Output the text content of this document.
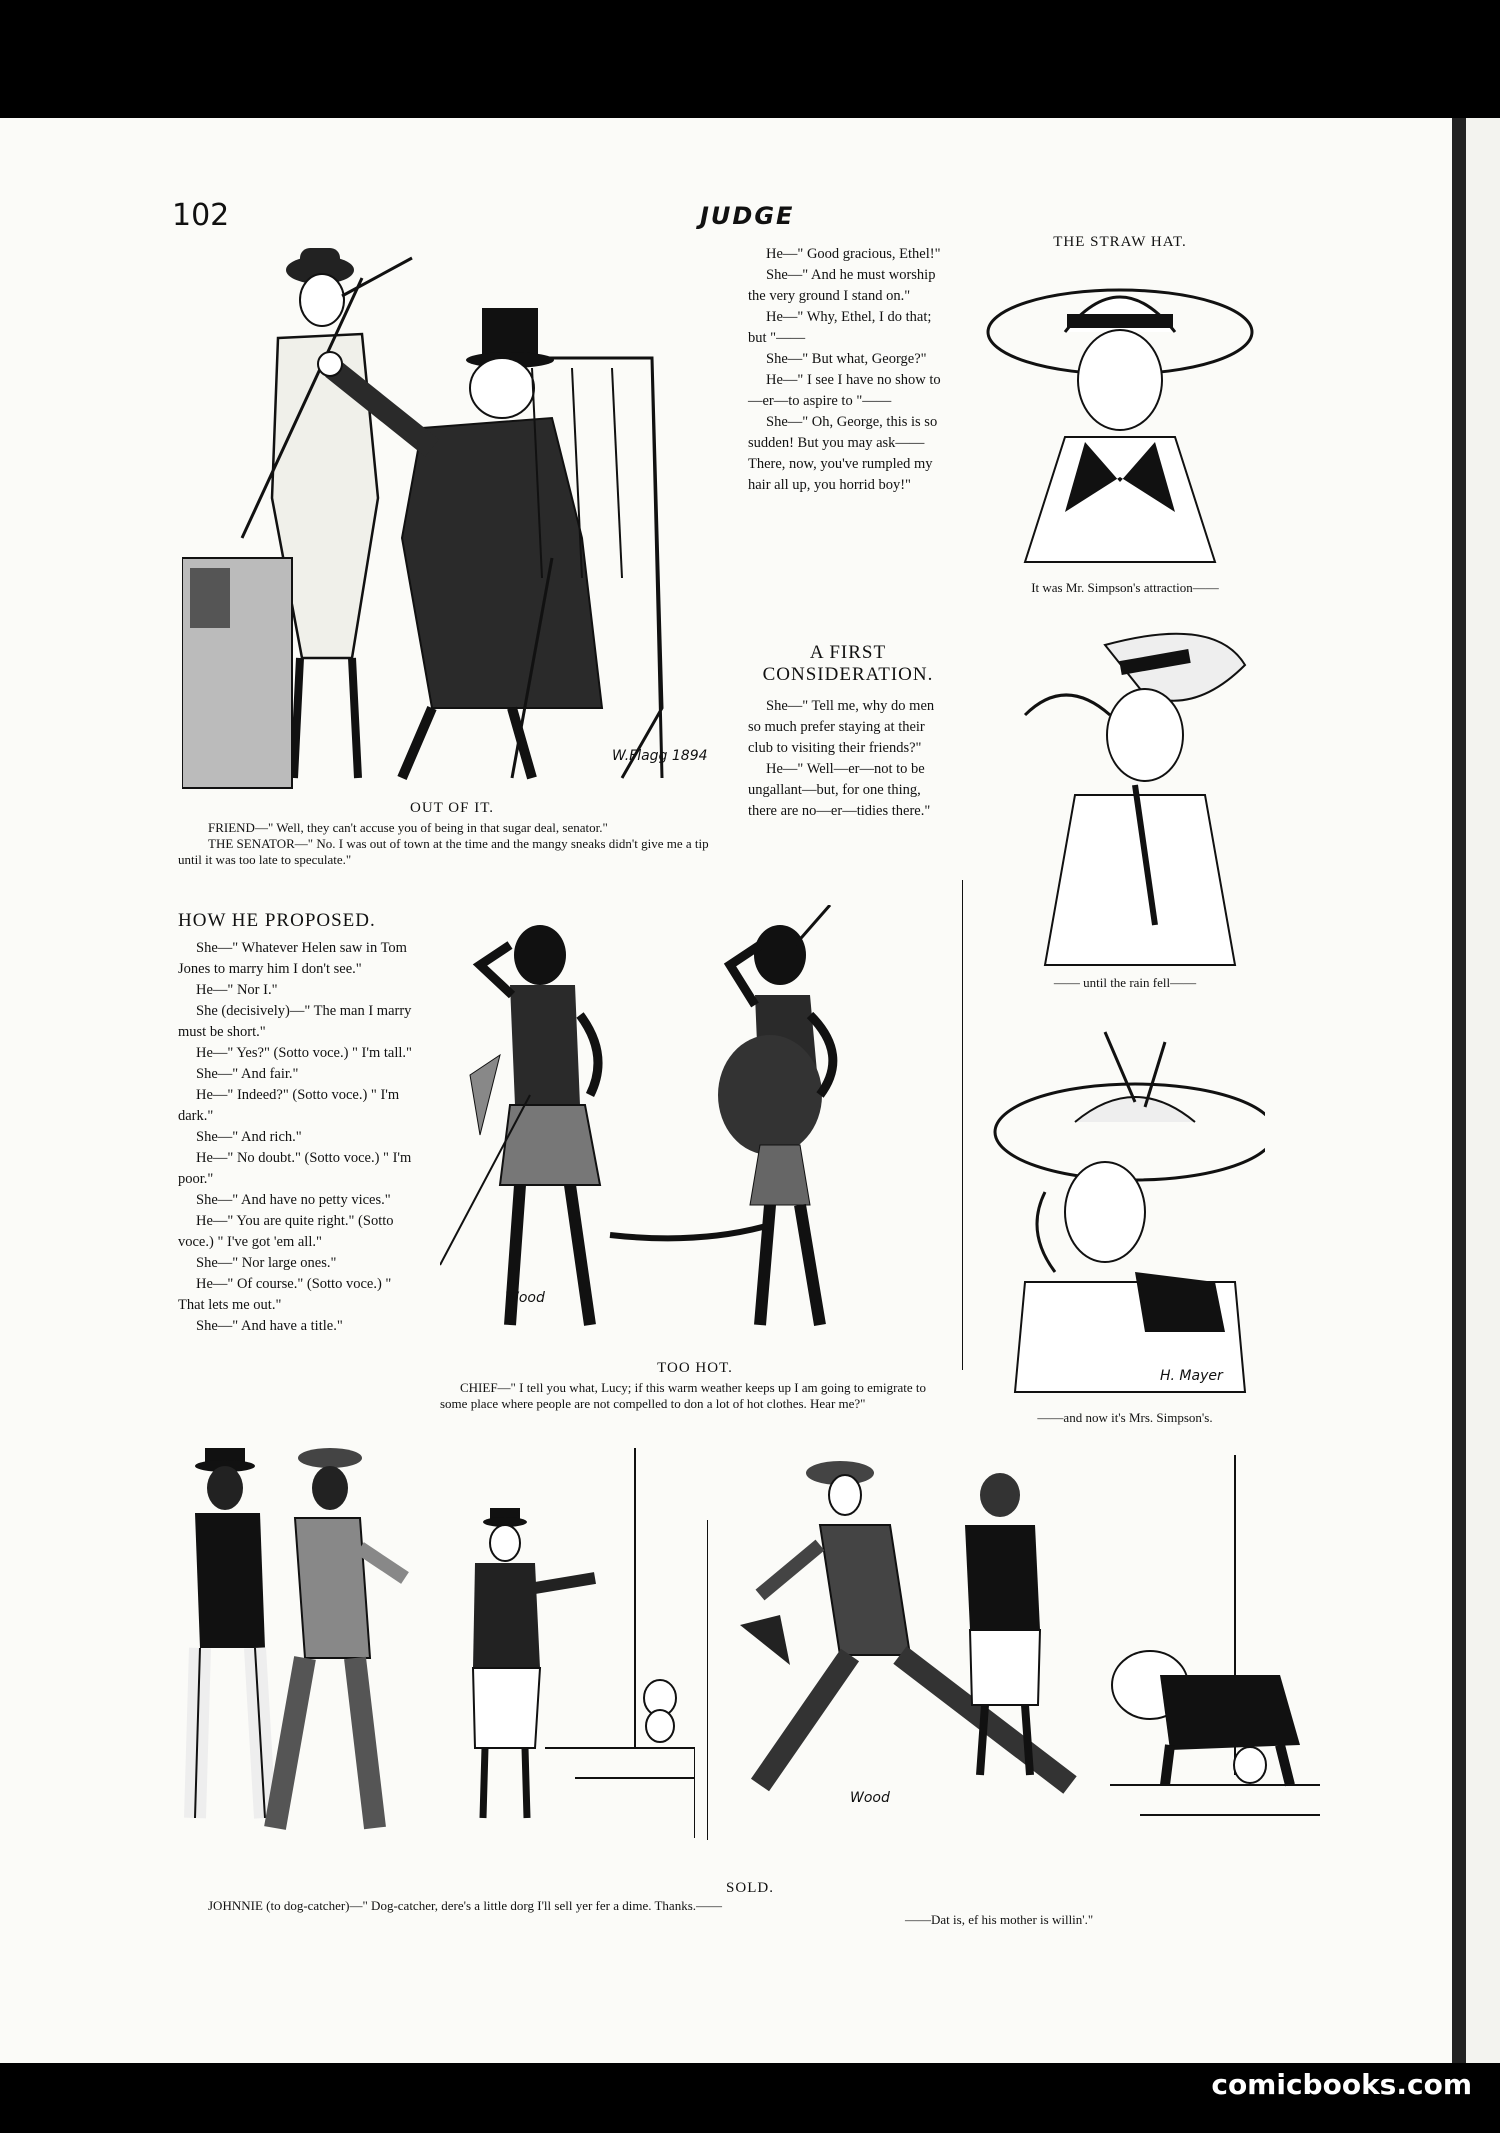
102	JUDGE
W.Flagg 1894
OUT OF IT.
FRIEND—" Well, they can't accuse you of being in that sugar deal, senator."
THE SENATOR—" No. I was out of town at the time and the mangy sneaks didn't give me a tip until it was too late to speculate."

He—" Good gracious, Ethel!"

She—" And he must worship the very ground I stand on."

He—" Why, Ethel, I do that; but "——

She—" But what, George?"

He—" I see I have no show to—er—to aspire to "——

She—" Oh, George, this is so sudden! But you may ask—— There, now, you've rumpled my hair all up, you horrid boy!"

A FIRST CONSIDERATION.

She—" Tell me, why do men so much prefer staying at their club to visiting their friends?"

He—" Well—er—not to be ungallant—but, for one thing, there are no—er—tidies there."

THE STRAW HAT.
It was Mr. Simpson's attraction——
—— until the rain fell——
H. Mayer
——and now it's Mrs. Simpson's.
HOW HE PROPOSED.

She—" Whatever Helen saw in Tom Jones to marry him I don't see."

He—" Nor I."

She (decisively)—" The man I marry must be short."

He—" Yes?" (Sotto voce.) " I'm tall."

She—" And fair."

He—" Indeed?" (Sotto voce.) " I'm dark."

She—" And rich."

He—" No doubt." (Sotto voce.) " I'm poor."

She—" And have no petty vices."

He—" You are quite right." (Sotto voce.) " I've got 'em all."

She—" Nor large ones."

He—" Of course." (Sotto voce.) " That lets me out."

She—" And have a title."

Wood
TOO HOT.
CHIEF—" I tell you what, Lucy; if this warm weather keeps up I am going to emigrate to some place where people are not compelled to don a lot of hot clothes. Hear me?"
Wood
SOLD.
JOHNNIE (to dog-catcher)—" Dog-catcher, dere's a little dorg I'll sell yer fer a dime. Thanks.——
——Dat is, ef his mother is willin'."
comicbooks.com
